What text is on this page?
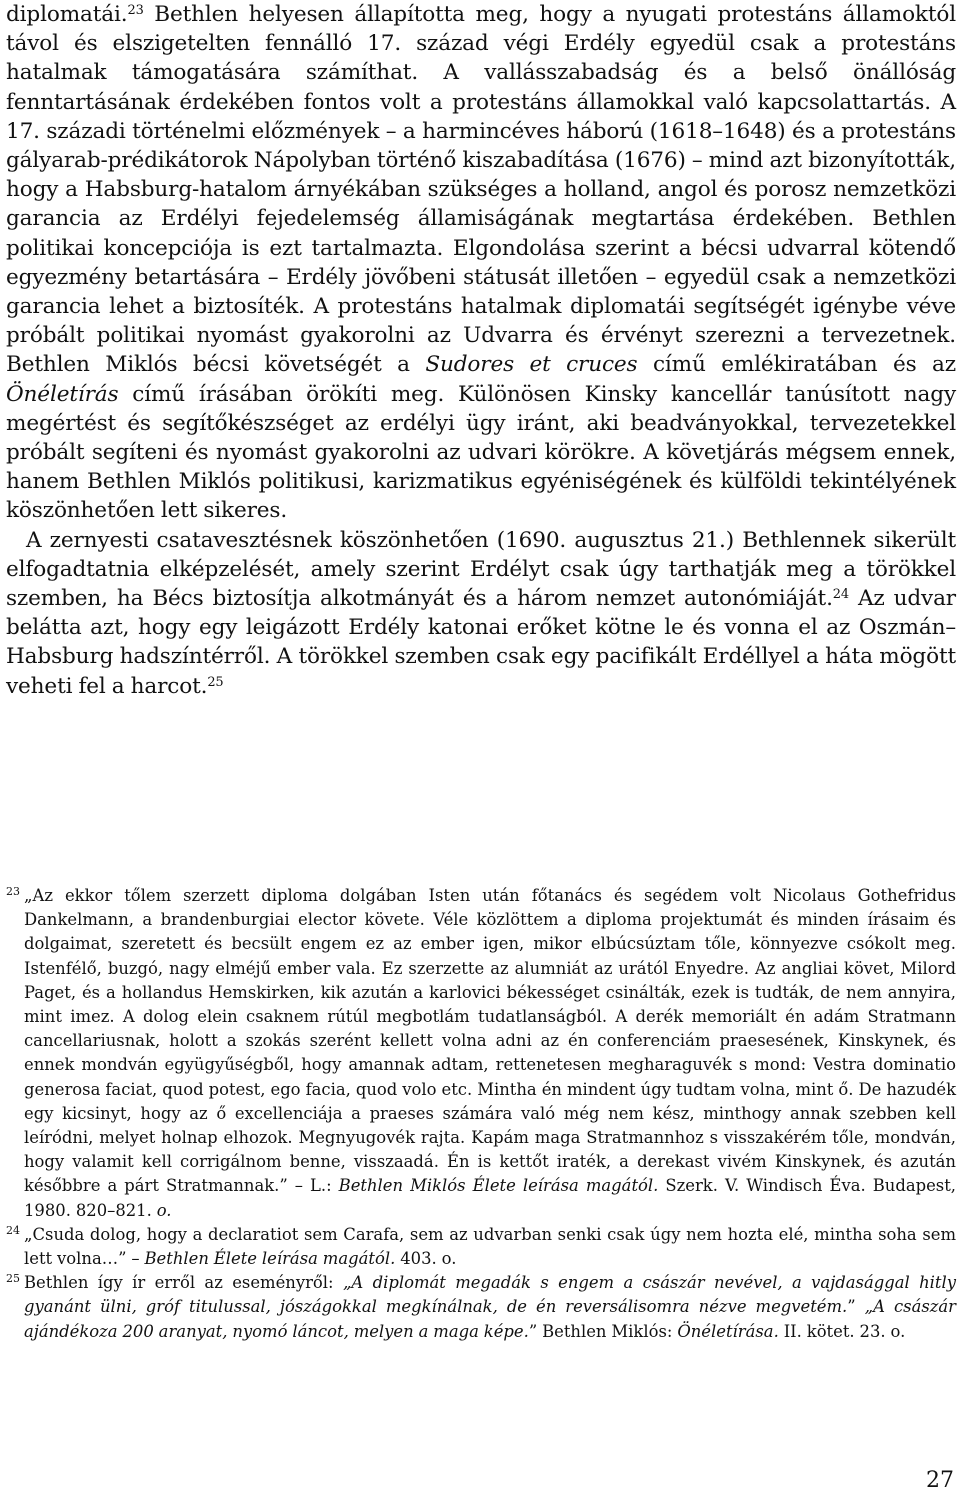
diplomatái.$^{23}$ Bethlen helyesen állapította meg, hogy a nyugati protestáns államoktól távol és elszigetelten fennálló 17. század végi Erdély egyedül csak a protestáns hatalmak támogatására számíthat. A vallásszabadság és a belső önállóság fenntartásának érdekében fontos volt a protestáns államokkal való kapcsolattartás. A 17. századi történelmi előzmények – a harmincéves háború (1618–1648) és a protestáns gályarab-prédikátorok Nápolyban történő kiszabadítása (1676) – mind azt bizonyították, hogy a Habsburg-hatalom árnyékában szükséges a holland, angol és porosz nemzetközi garancia az Erdélyi fejedelemség államiságának megtartása érdekében. Bethlen politikai koncepciója is ezt tartalmazta. Elgondolása szerint a bécsi udvarral kötendő egyezmény betartására – Erdély jövőbeni státusát illetően – egyedül csak a nemzetközi garancia lehet a biztosíték. A protestáns hatalmak diplomatái segítségét igénybe véve próbált politikai nyomást gyakorolni az Udvarra és érvényt szerezni a tervezetnek. Bethlen Miklós bécsi követségét a Sudores et cruces című emlékiratában és az Önéletírás című írásában örökíti meg. Különösen Kinsky kancellár tanúsított nagy megértést és segítőkészséget az erdélyi ügy iránt, aki beadványokkal, tervezetekkel próbált segíteni és nyomást gyakorolni az udvari körökre. A követjárás mégsem ennek, hanem Bethlen Miklós politikusi, karizmatikus egyéniségének és külföldi tekintélyének köszönhetően lett sikeres.

A zernyesti csatavesztésnek köszönhetően (1690. augusztus 21.) Bethlennek sikerült elfogadtatnia elképzelését, amely szerint Erdélyt csak úgy tarthatják meg a törökkel szemben, ha Bécs biztosítja alkotmányát és a három nemzet autonómiáját.$^{24}$ Az udvar belátta azt, hogy egy leigázott Erdély katonai erőket kötne le és vonna el az Oszmán–Habsburg hadszíntérről. A törökkel szemben csak egy pacifikált Erdéllyel a háta mögött veheti fel a harcot.$^{25}$

23 „Az ekkor tőlem szerzett diploma dolgában Isten után főtanács és segédem volt Nicolaus Gothefridus Dankelmann, a brandenburgiai elector követe. Véle közlöttem a diploma projektumát és minden írásaim és dolgaimat, szeretett és becsült engem ez az ember igen, mikor elbúcsúztam tőle, könnyezve csókolt meg. Istenfélő, buzgó, nagy elméjű ember vala. Ez szerzette az alumniát az urától Enyedre. Az angliai követ, Milord Paget, és a hollandus Hemskirken, kik azután a karlovici békességet csinálták, ezek is tudták, de nem annyira, mint imez. A dolog elein csaknem rútúl megbotlám tudatlanságból. A derék memoriált én adám Stratmann cancellariusnak, holott a szokás szerént kellett volna adni az én conferenciám praesesének, Kinskynek, és ennek mondván együgyűségből, hogy amannak adtam, rettenetesen megharaguvék s mond: Vestra dominatio generosa faciat, quod potest, ego facia, quod volo etc. Mintha én mindent úgy tudtam volna, mint ő. De hazudék egy kicsinyt, hogy az ő excellenciája a praeses számára való még nem kész, minthogy annak szebben kell leíródni, melyet holnap elhozok. Megnyugovék rajta. Kapám maga Stratmannhoz s visszakérém tőle, mondván, hogy valamit kell corrigálnom benne, visszaadá. Én is kettőt iraték, a derekast vivém Kinskynek, és azután későbbre a párt Stratmannak.” – L.: Bethlen Miklós Élete leírása magától. Szerk. V. Windisch Éva. Budapest, 1980. 820–821. o.

24 „Csuda dolog, hogy a declaratiot sem Carafa, sem az udvarban senki csak úgy nem hozta elé, mintha soha sem lett volna…” – Bethlen Élete leírása magától. 403. o.

25 Bethlen így ír erről az eseményről: „A diplomát megadák s engem a császár nevével, a vajdasággal hitly gyanánt ülni, gróf titulussal, jószágokkal megkínálnak, de én reversálisomra nézve megvetém.” „A császár ajándékoza 200 aranyat, nyomó láncot, melyen a maga képe.” Bethlen Miklós: Önéletírása. II. kötet. 23. o.

27
